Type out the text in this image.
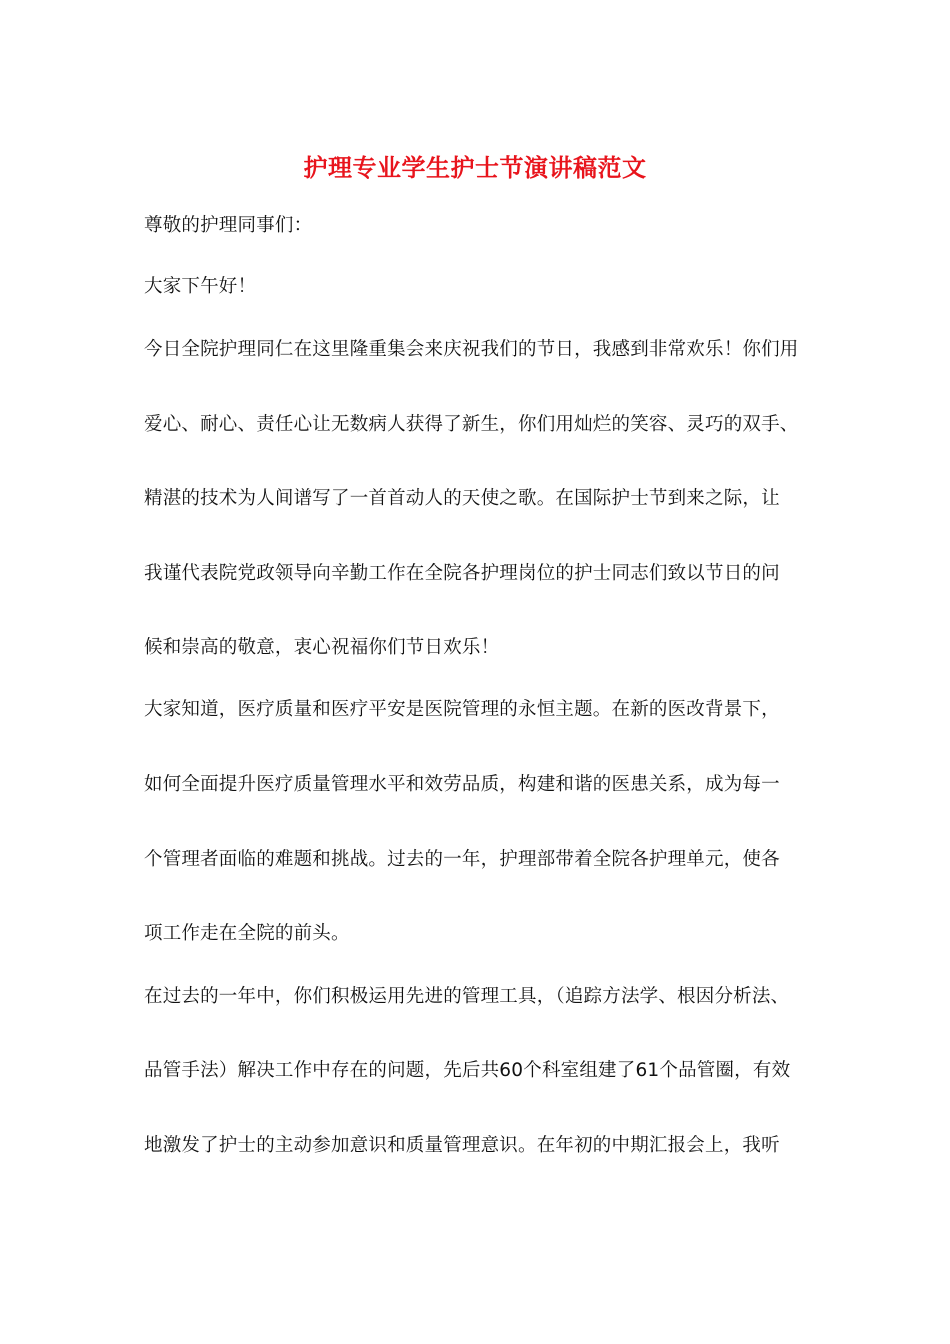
护理专业学生护士节演讲稿范文
尊敬的护理同事们：
大家下午好！
今日全院护理同仁在这里隆重集会来庆祝我们的节日，我感到非常欢乐！你们用
爱心、耐心、责任心让无数病人获得了新生，你们用灿烂的笑容、灵巧的双手、
精湛的技术为人间谱写了一首首动人的天使之歌。在国际护士节到来之际，让
我谨代表院党政领导向辛勤工作在全院各护理岗位的护士同志们致以节日的问
候和崇高的敬意，衷心祝福你们节日欢乐！
大家知道，医疗质量和医疗平安是医院管理的永恒主题。在新的医改背景下，
如何全面提升医疗质量管理水平和效劳品质，构建和谐的医患关系，成为每一
个管理者面临的难题和挑战。过去的一年，护理部带着全院各护理单元，使各
项工作走在全院的前头。
在过去的一年中，你们积极运用先进的管理工具，（追踪方法学、根因分析法、
品管手法）解决工作中存在的问题，先后共60个科室组建了61个品管圈，有效
地激发了护士的主动参加意识和质量管理意识。在年初的中期汇报会上，我听
